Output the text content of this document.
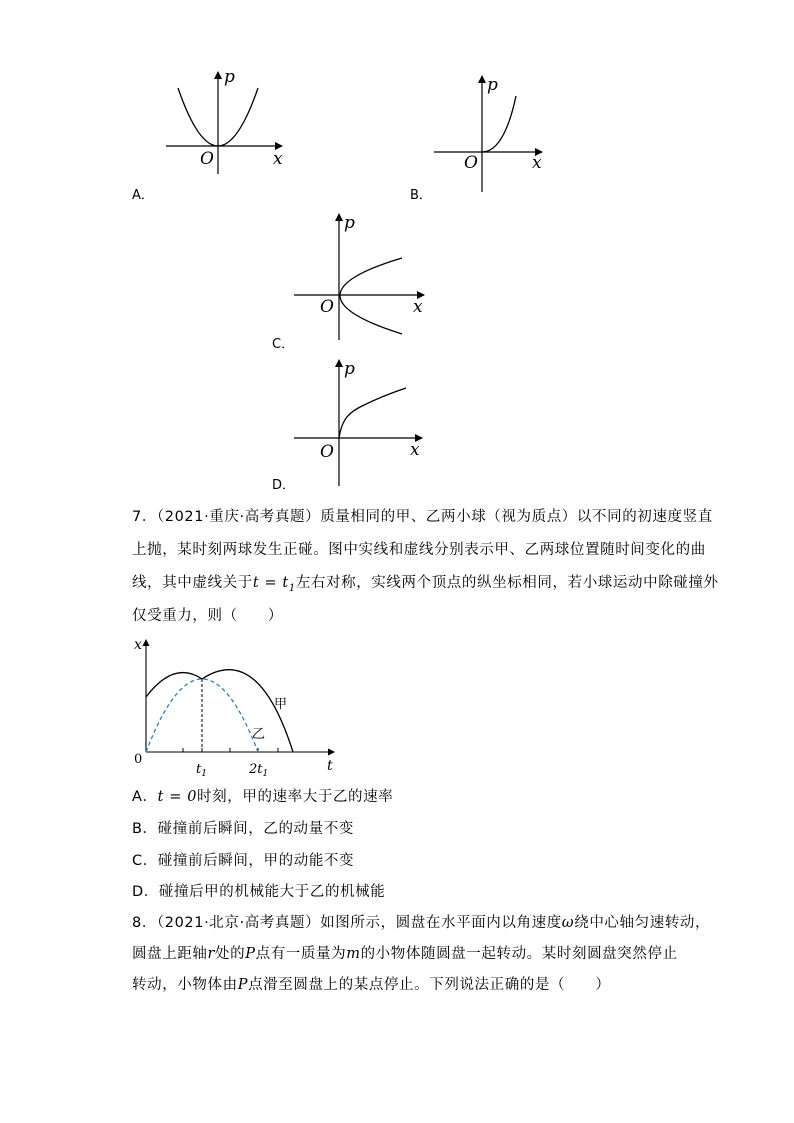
p
x
O
A．
p
x
O
B．
p
x
O
C．
p
x
O
D．
7．（2021·重庆·高考真题）质量相同的甲、乙两小球（视为质点）以不同的初速度竖直
上抛，某时刻两球发生正碰。图中实线和虚线分别表示甲、乙两球位置随时间变化的曲
线，其中虚线关于$t = t_1$左右对称，实线两个顶点的纵坐标相同，若小球运动中除碰撞外
仅受重力，则（　　）
x
t
0
$t_1$	$2t_1$
甲
乙
A．t = 0时刻，甲的速率大于乙的速率
B．碰撞前后瞬间，乙的动量不变
C．碰撞前后瞬间，甲的动能不变
D．碰撞后甲的机械能大于乙的机械能
8．（2021·北京·高考真题）如图所示，圆盘在水平面内以角速度ω绕中心轴匀速转动，
圆盘上距轴r处的P点有一质量为m的小物体随圆盘一起转动。某时刻圆盘突然停止
转动，小物体由P点滑至圆盘上的某点停止。下列说法正确的是（　　）
